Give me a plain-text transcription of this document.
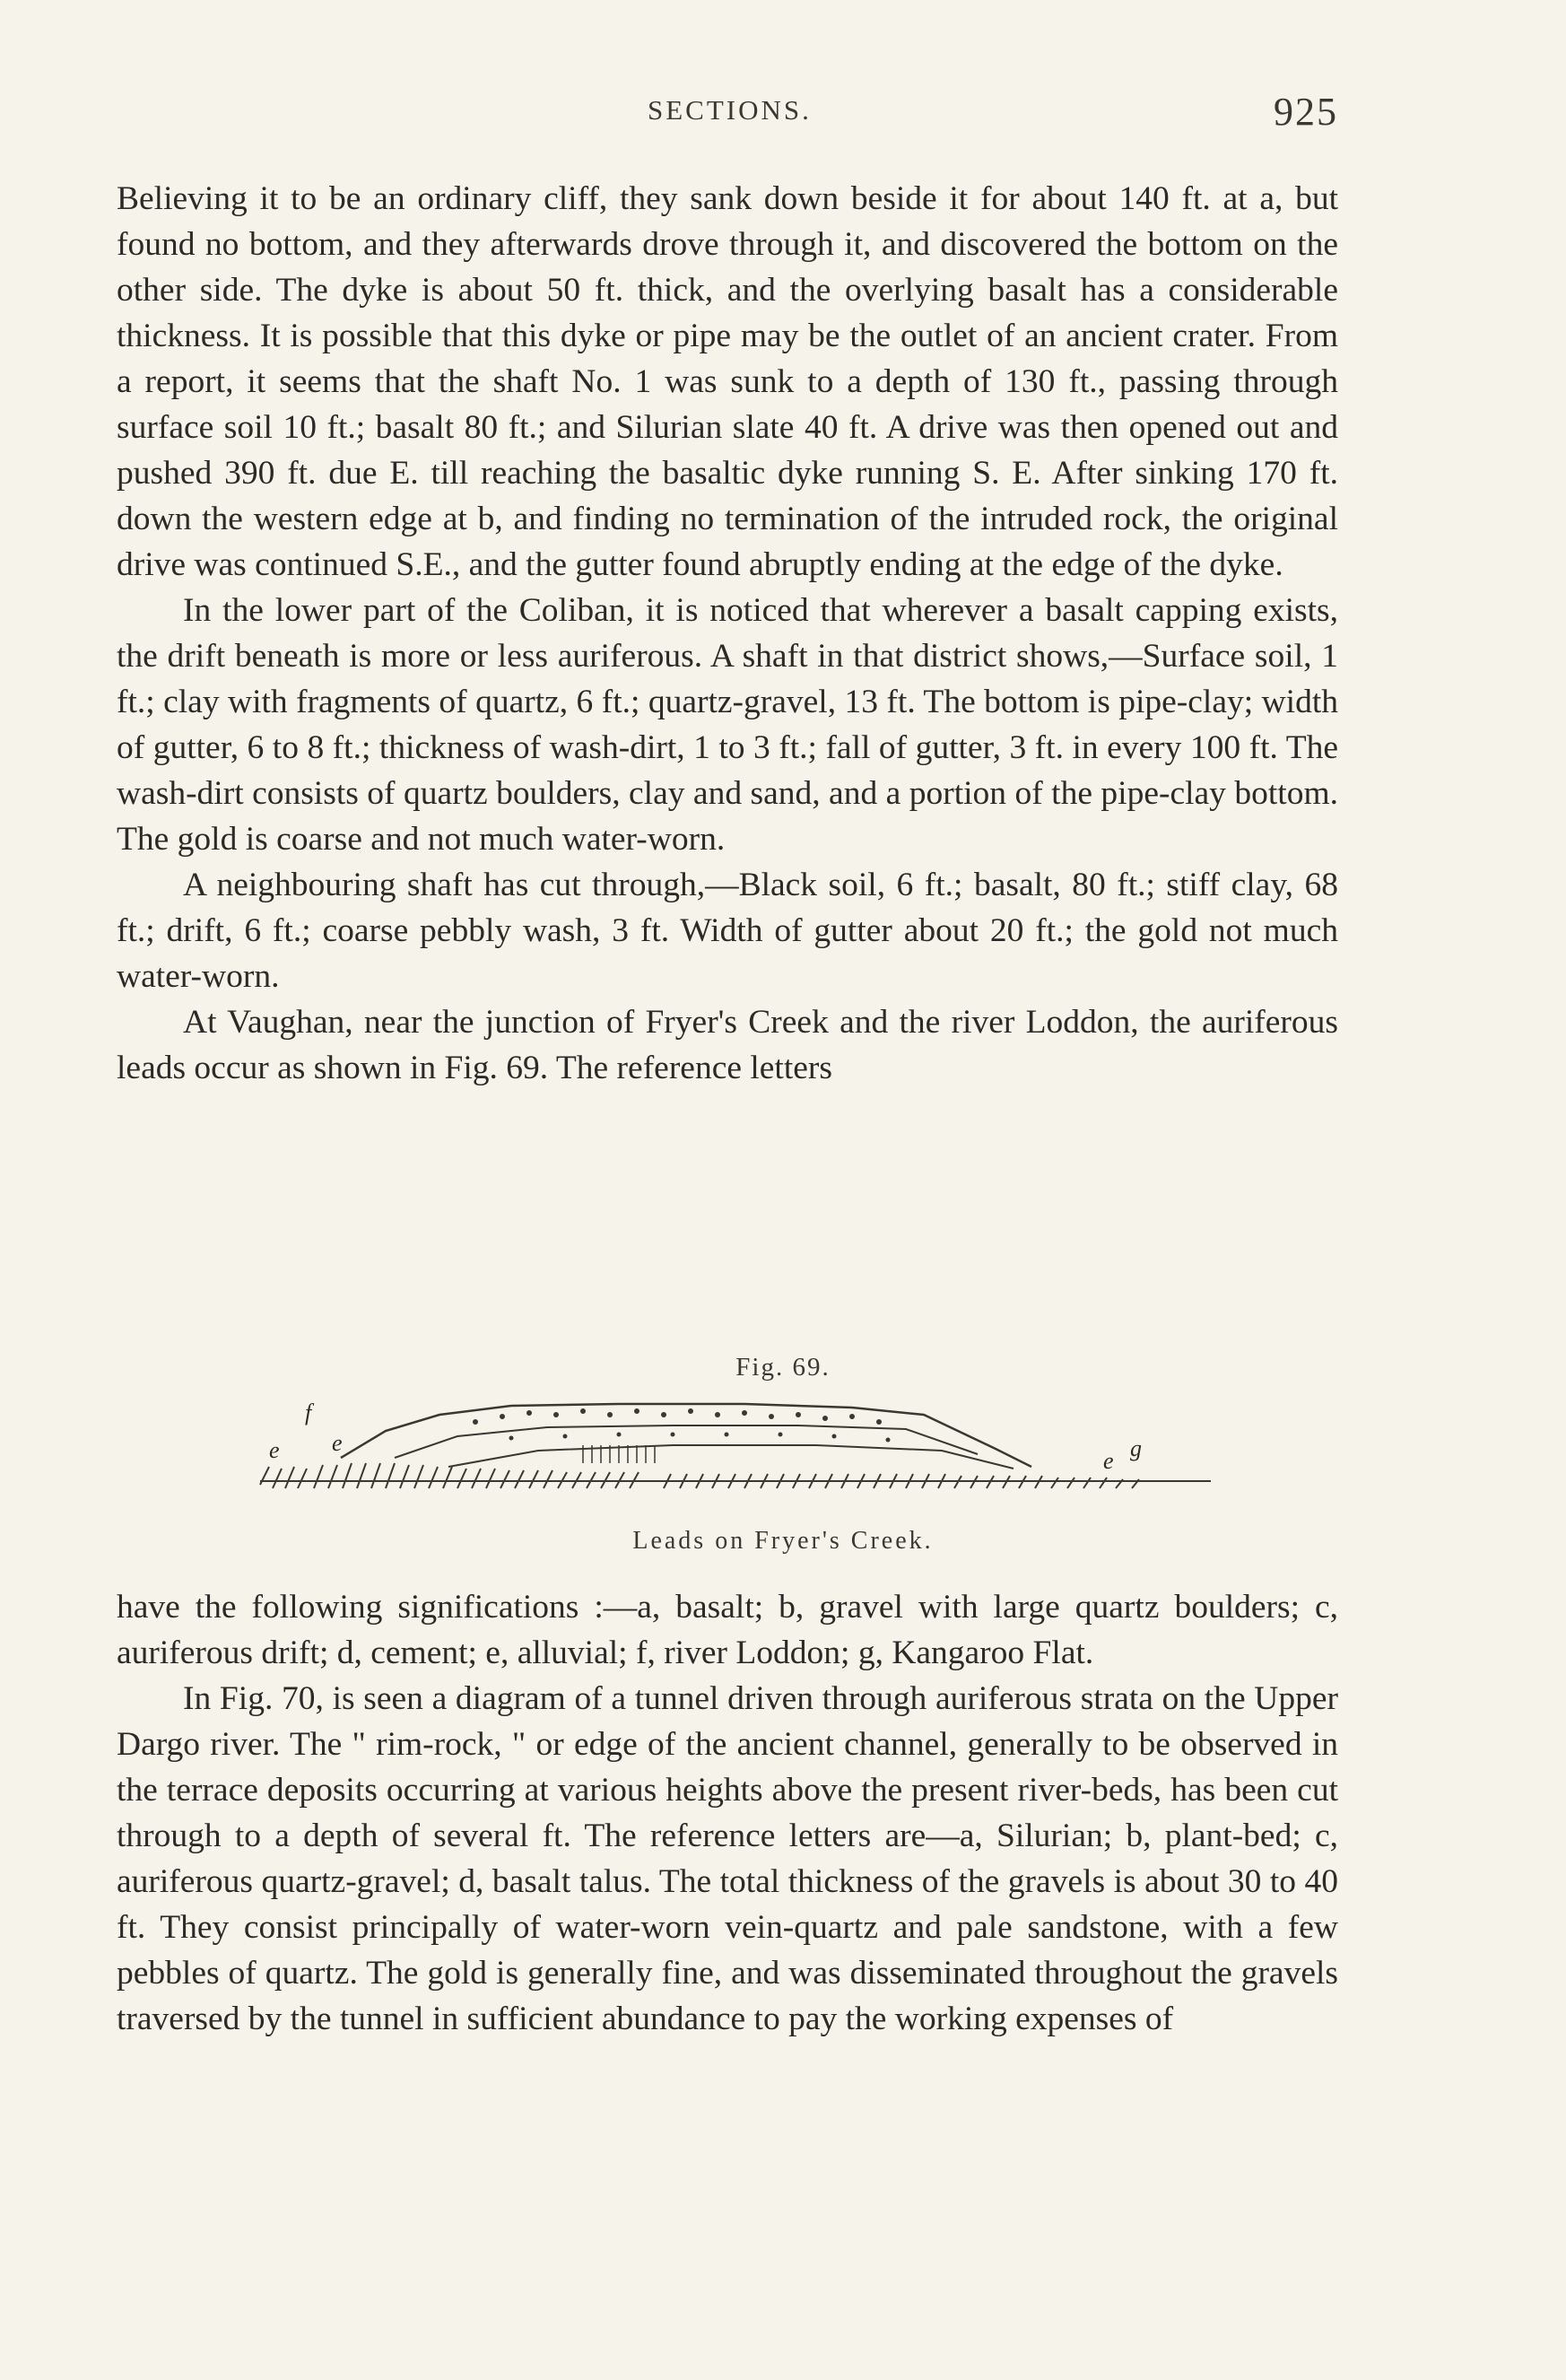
SECTIONS.	925

Believing it to be an ordinary cliff, they sank down beside it for about 140 ft. at a, but found no bottom, and they afterwards drove through it, and discovered the bottom on the other side. The dyke is about 50 ft. thick, and the overlying basalt has a considerable thickness. It is possible that this dyke or pipe may be the outlet of an ancient crater. From a report, it seems that the shaft No. 1 was sunk to a depth of 130 ft., passing through surface soil 10 ft.; basalt 80 ft.; and Silurian slate 40 ft. A drive was then opened out and pushed 390 ft. due E. till reaching the basaltic dyke running S. E. After sinking 170 ft. down the western edge at b, and finding no termination of the intruded rock, the original drive was continued S.E., and the gutter found abruptly ending at the edge of the dyke.

In the lower part of the Coliban, it is noticed that wherever a basalt capping exists, the drift beneath is more or less auriferous. A shaft in that district shows,—Surface soil, 1 ft.; clay with fragments of quartz, 6 ft.; quartz-gravel, 13 ft. The bottom is pipe-clay; width of gutter, 6 to 8 ft.; thickness of wash-dirt, 1 to 3 ft.; fall of gutter, 3 ft. in every 100 ft. The wash-dirt consists of quartz boulders, clay and sand, and a portion of the pipe-clay bottom. The gold is coarse and not much water-worn.

A neighbouring shaft has cut through,—Black soil, 6 ft.; basalt, 80 ft.; stiff clay, 68 ft.; drift, 6 ft.; coarse pebbly wash, 3 ft. Width of gutter about 20 ft.; the gold not much water-worn.

At Vaughan, near the junction of Fryer's Creek and the river Loddon, the auriferous leads occur as shown in Fig. 69. The reference letters

Fig. 69.
f
e e
e g
Leads on Fryer's Creek.

have the following significations :—a, basalt; b, gravel with large quartz boulders; c, auriferous drift; d, cement; e, alluvial; f, river Loddon; g, Kangaroo Flat.

In Fig. 70, is seen a diagram of a tunnel driven through auriferous strata on the Upper Dargo river. The " rim-rock, " or edge of the ancient channel, generally to be observed in the terrace deposits occurring at various heights above the present river-beds, has been cut through to a depth of several ft. The reference letters are—a, Silurian; b, plant-bed; c, auriferous quartz-gravel; d, basalt talus. The total thickness of the gravels is about 30 to 40 ft. They consist principally of water-worn vein-quartz and pale sandstone, with a few pebbles of quartz. The gold is generally fine, and was disseminated throughout the gravels traversed by the tunnel in sufficient abundance to pay the working expenses of
